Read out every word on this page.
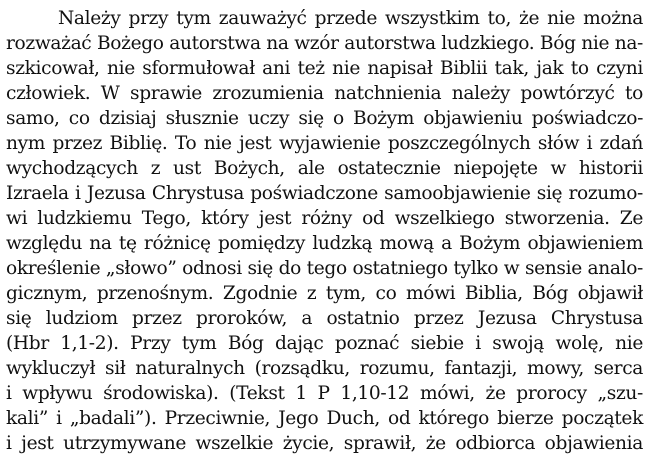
Należy przy tym zauważyć przede wszystkim to, że nie można
rozważać Bożego autorstwa na wzór autorstwa ludzkiego. Bóg nie na-
szkicował, nie sformułował ani też nie napisał Biblii tak, jak to czyni
człowiek. W sprawie zrozumienia natchnienia należy powtórzyć to
samo, co dzisiaj słusznie uczy się o Bożym objawieniu poświadczo-
nym przez Biblię. To nie jest wyjawienie poszczególnych słów i zdań
wychodzących z ust Bożych, ale ostatecznie niepojęte w historii
Izraela i Jezusa Chrystusa poświadczone samoobjawienie się rozumo-
wi ludzkiemu Tego, który jest różny od wszelkiego stworzenia. Ze
względu na tę różnicę pomiędzy ludzką mową a Bożym objawieniem
określenie „słowo” odnosi się do tego ostatniego tylko w sensie analo-
gicznym, przenośnym. Zgodnie z tym, co mówi Biblia, Bóg objawił
się ludziom przez proroków, a ostatnio przez Jezusa Chrystusa
(Hbr 1,1-2). Przy tym Bóg dając poznać siebie i swoją wolę, nie
wykluczył sił naturalnych (rozsądku, rozumu, fantazji, mowy, serca
i wpływu środowiska). (Tekst 1 P 1,10-12 mówi, że prorocy „szu-
kali” i „badali”). Przeciwnie, Jego Duch, od którego bierze początek
i jest utrzymywane wszelkie życie, sprawił, że odbiorca objawienia
